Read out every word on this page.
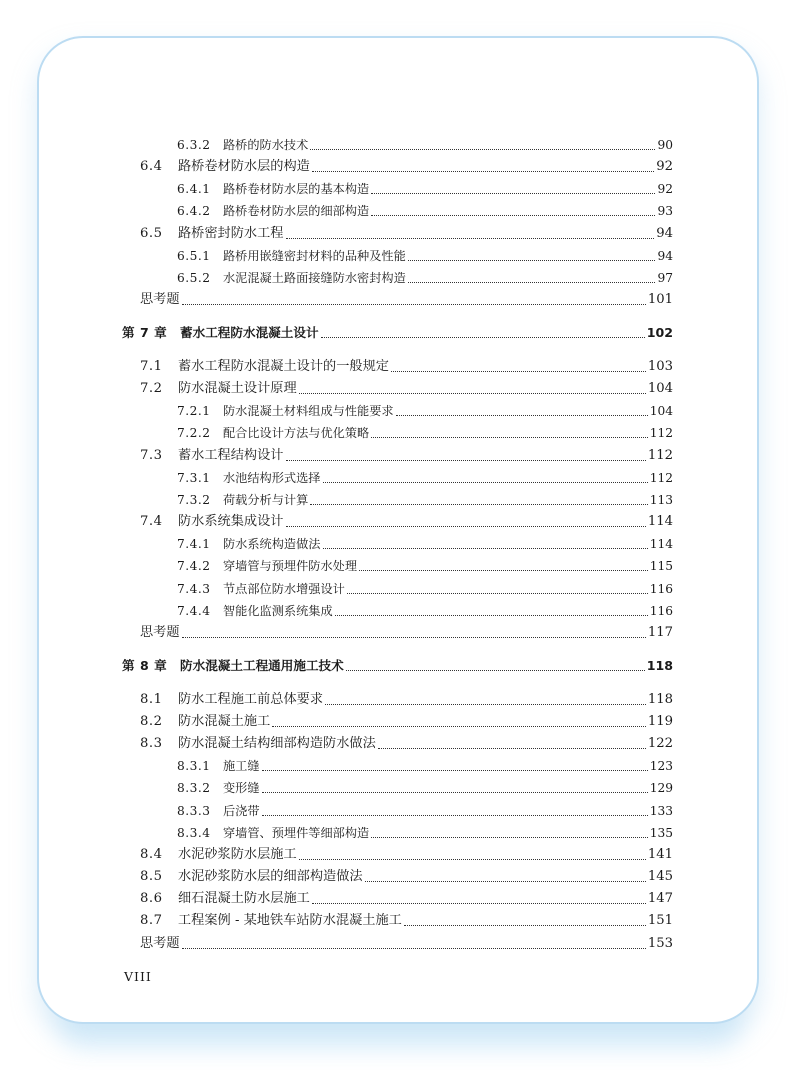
6.3.2	路桥的防水技术	90
6.4	路桥卷材防水层的构造	92
6.4.1	路桥卷材防水层的基本构造	92
6.4.2	路桥卷材防水层的细部构造	93
6.5	路桥密封防水工程	94
6.5.1	路桥用嵌缝密封材料的品种及性能	94
6.5.2	水泥混凝土路面接缝防水密封构造	97
思考题	101
第 7 章	蓄水工程防水混凝土设计	102
7.1	蓄水工程防水混凝土设计的一般规定	103
7.2	防水混凝土设计原理	104
7.2.1	防水混凝土材料组成与性能要求	104
7.2.2	配合比设计方法与优化策略	112
7.3	蓄水工程结构设计	112
7.3.1	水池结构形式选择	112
7.3.2	荷载分析与计算	113
7.4	防水系统集成设计	114
7.4.1	防水系统构造做法	114
7.4.2	穿墙管与预埋件防水处理	115
7.4.3	节点部位防水增强设计	116
7.4.4	智能化监测系统集成	116
思考题	117
第 8 章	防水混凝土工程通用施工技术	118
8.1	防水工程施工前总体要求	118
8.2	防水混凝土施工	119
8.3	防水混凝土结构细部构造防水做法	122
8.3.1	施工缝	123
8.3.2	变形缝	129
8.3.3	后浇带	133
8.3.4	穿墙管、预埋件等细部构造	135
8.4	水泥砂浆防水层施工	141
8.5	水泥砂浆防水层的细部构造做法	145
8.6	细石混凝土防水层施工	147
8.7	工程案例 - 某地铁车站防水混凝土施工	151
思考题	153
VIII
